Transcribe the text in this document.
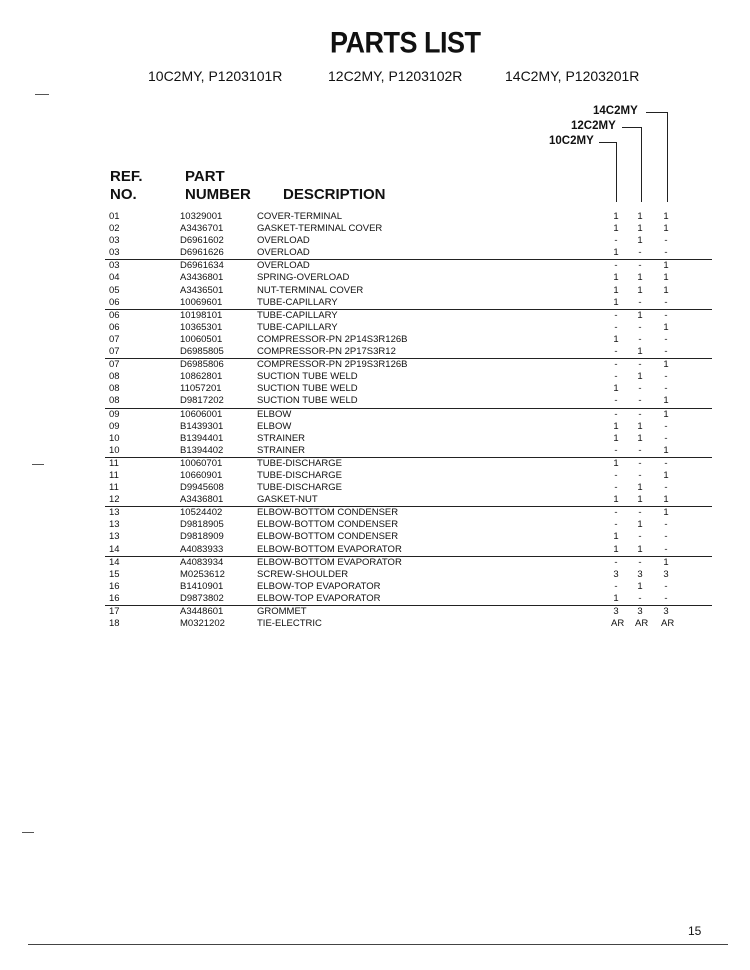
PARTS LIST
10C2MY, P1203101R	12C2MY, P1203102R	14C2MY, P1203201R
14C2MY
12C2MY
10C2MY
REF.
NO.
PART
NUMBER DESCRIPTION
01	10329001	COVER-TERMINAL	1 1 1
02	A3436701	GASKET-TERMINAL COVER	1 1 1
03	D6961602	OVERLOAD	-	1	-
03	D6961626	OVERLOAD	1	-	-
03	D6961634	OVERLOAD	-	-	1
04	A3436801	SPRING-OVERLOAD	1 1 1
05	A3436501	NUT-TERMINAL COVER	1 1 1
06	10069601	TUBE-CAPILLARY	1	-	-
06	10198101	TUBE-CAPILLARY	-	1	-
06	10365301	TUBE-CAPILLARY	-	-	1
07	10060501	COMPRESSOR-PN 2P14S3R126B	1	-	-
07	D6985805	COMPRESSOR-PN 2P17S3R12	-	1	-
07	D6985806	COMPRESSOR-PN 2P19S3R126B	-	-	1
08	10862801	SUCTION TUBE WELD	-	1	-
08	11057201	SUCTION TUBE WELD	1	-	-
08	D9817202	SUCTION TUBE WELD	-	-	1
09	10606001	ELBOW	-	-	1
09	B1439301	ELBOW	1 1	-
10	B1394401	STRAINER	1 1	-
10	B1394402	STRAINER	-	-	1
11	10060701	TUBE-DISCHARGE	1	-	-
11	10660901	TUBE-DISCHARGE	-	-	1
11	D9945608	TUBE-DISCHARGE	-	1	-
12	A3436801	GASKET-NUT	1 1 1
13	10524402	ELBOW-BOTTOM CONDENSER	-	-	1
13	D9818905	ELBOW-BOTTOM CONDENSER	-	1	-
13	D9818909	ELBOW-BOTTOM CONDENSER	1	-	-
14	A4083933	ELBOW-BOTTOM EVAPORATOR	1 1	-
14	A4083934	ELBOW-BOTTOM EVAPORATOR	-	-	1
15	M0253612	SCREW-SHOULDER	3 3 3
16	B1410901	ELBOW-TOP EVAPORATOR	-	1	-
16	D9873802	ELBOW-TOP EVAPORATOR	1	-	-
17	A3448601	GROMMET	3 3 3
18	M0321202	TIE-ELECTRIC	AR AR AR
15
